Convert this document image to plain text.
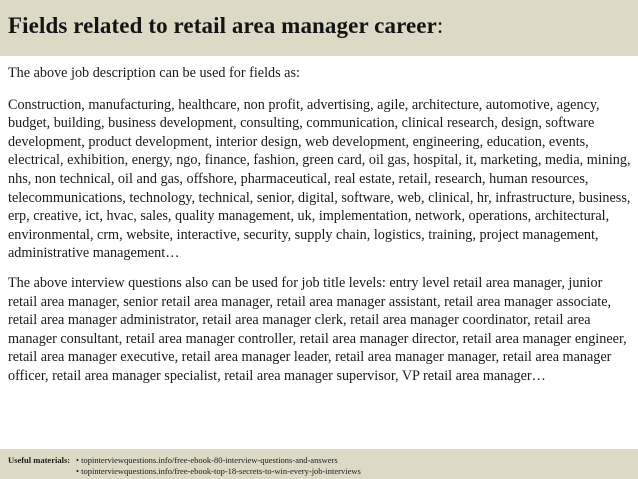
Fields related to retail area manager career:

The above job description can be used for fields as:

Construction, manufacturing, healthcare, non profit, advertising, agile, architecture, automotive, agency, budget, building, business development, consulting, communication, clinical research, design, software development, product development, interior design, web development, engineering, education, events, electrical, exhibition, energy, ngo, finance, fashion, green card, oil gas, hospital, it, marketing, media, mining, nhs, non technical, oil and gas, offshore, pharmaceutical, real estate, retail, research, human resources, telecommunications, technology, technical, senior, digital, software, web, clinical, hr, infrastructure, business, erp, creative, ict, hvac, sales, quality management, uk, implementation, network, operations, architectural, environmental, crm, website, interactive, security, supply chain, logistics, training, project management, administrative management…

The above interview questions also can be used for job title levels: entry level retail area manager, junior retail area manager, senior retail area manager, retail area manager assistant, retail area manager associate, retail area manager administrator, retail area manager clerk, retail area manager coordinator, retail area manager consultant, retail area manager controller, retail area manager director, retail area manager engineer, retail area manager executive, retail area manager leader, retail area manager manager, retail area manager officer, retail area manager specialist, retail area manager supervisor, VP retail area manager…

Useful materials: • topinterviewquestions.info/free-ebook-80-interview-questions-and-answers
• topinterviewquestions.info/free-ebook-top-18-secrets-to-win-every-job-interviews
